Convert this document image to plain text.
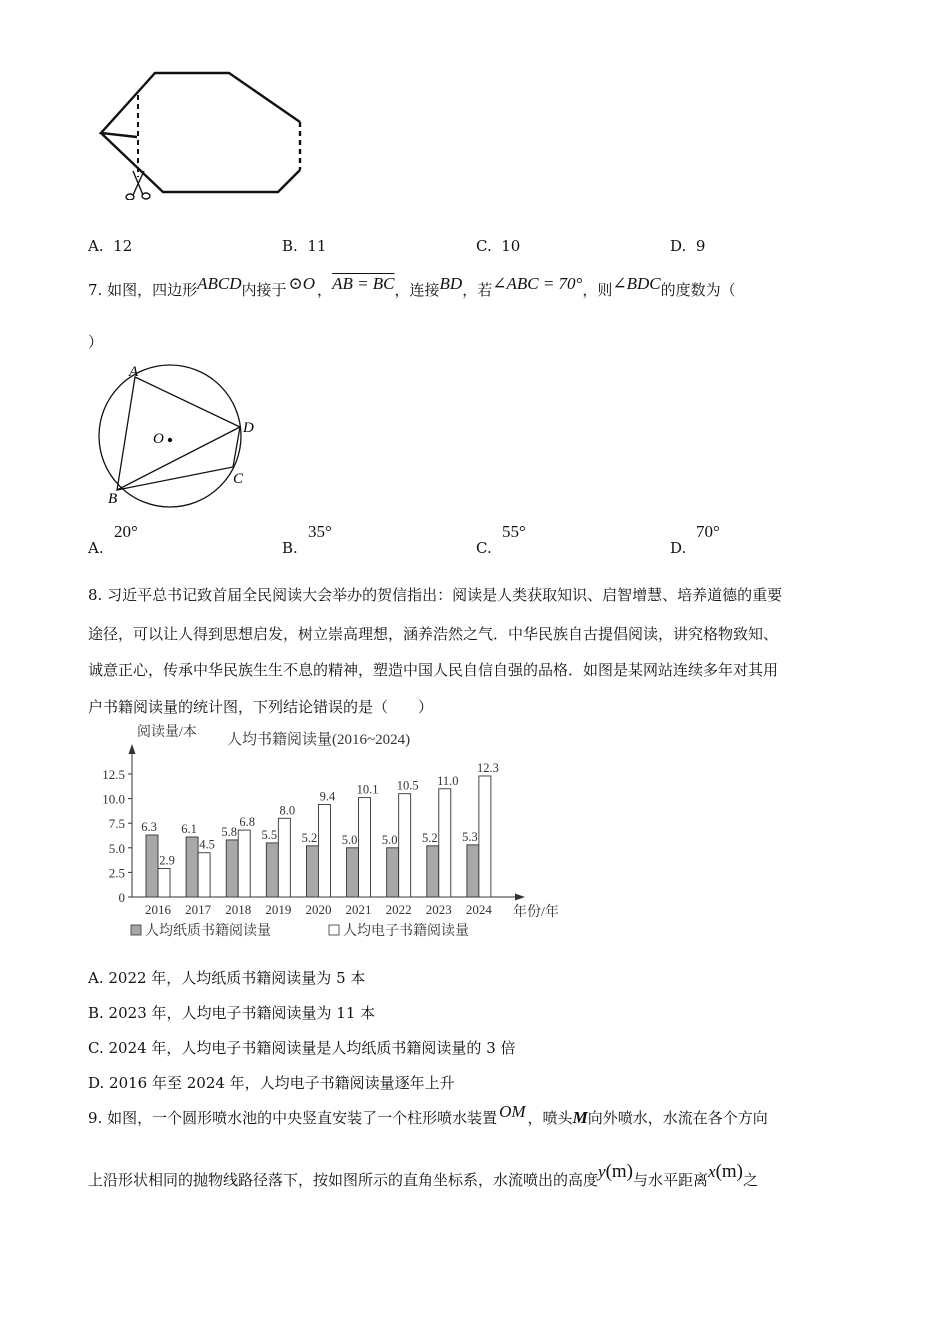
A. 12	B. 11	C. 10	D. 9
7. 如图，四边形ABCD内接于 ⊙O ，AB = BC，连接BD，若∠ABC = 70°，则∠BDC的度数为（
）
A
D
C
B
O
A.
20°
B.
35°
C.
55°
D.
70°
8. 习近平总书记致首届全民阅读大会举办的贺信指出：阅读是人类获取知识、启智增慧、培养道德的重要
途径，可以让人得到思想启发，树立崇高理想，涵养浩然之气．中华民族自古提倡阅读，讲究格物致知、
诚意正心，传承中华民族生生不息的精神，塑造中国人民自信自强的品格．如图是某网站连续多年对其用
户书籍阅读量的统计图，下列结论错误的是（　　）
人均书籍阅读量(2016~2024)
阅读量/本
年份/年
6.3
2.9
6.1
4.5
5.8
6.8
5.5
8.0
5.2
9.4
5.0
10.1
5.0
10.5
5.2
11.0
5.3
12.3
0
2.5
5.0
7.5
10.0
12.5
2016 2017 2018 2019 2020 2021 2022 2023 2024
人均纸质书籍阅读量	人均电子书籍阅读量
A. 2022 年，人均纸质书籍阅读量为 5 本
B. 2023 年，人均电子书籍阅读量为 11 本
C. 2024 年，人均电子书籍阅读量是人均纸质书籍阅读量的 3 倍
D. 2016 年至 2024 年，人均电子书籍阅读量逐年上升
9. 如图，一个圆形喷水池的中央竖直安装了一个柱形喷水装置 OM ，喷头M向外喷水，水流在各个方向
上沿形状相同的抛物线路径落下，按如图所示的直角坐标系，水流喷出的高度y(m)与水平距离x(m)之
